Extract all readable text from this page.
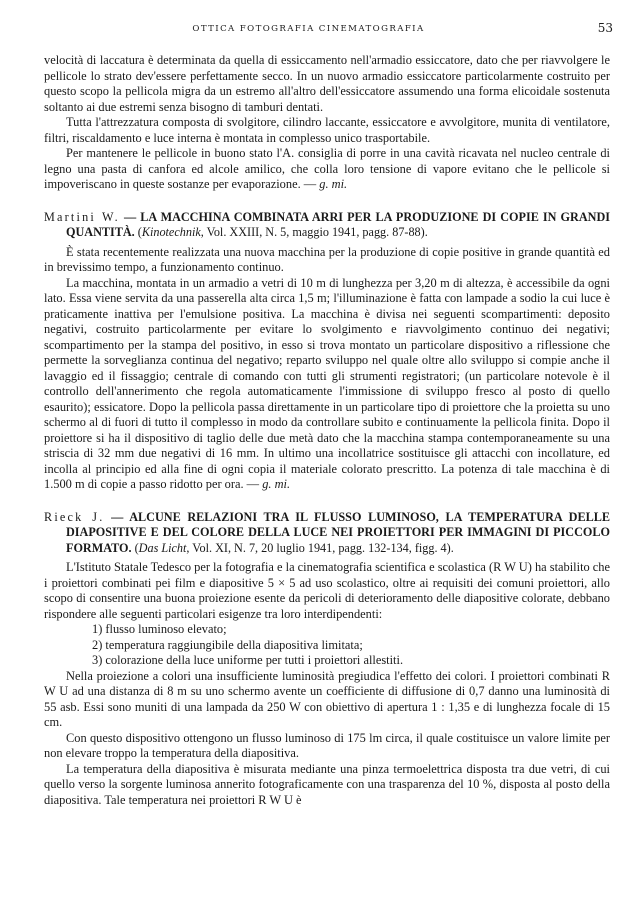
OTTICA FOTOGRAFIA CINEMATOGRAFIA	53

velocità di laccatura è determinata da quella di essiccamento nell'armadio essiccatore, dato che per riavvolgere le pellicole lo strato dev'essere perfettamente secco. In un nuovo armadio essiccatore particolarmente costruito per questo scopo la pellicola migra da un estremo all'altro dell'essiccatore assumendo una forma elicoidale sostenuta soltanto ai due estremi senza bisogno di tamburi dentati.

Tutta l'attrezzatura composta di svolgitore, cilindro laccante, essiccatore e avvolgitore, munita di ventilatore, filtri, riscaldamento e luce interna è montata in complesso unico trasportabile.

Per mantenere le pellicole in buono stato l'A. consiglia di porre in una cavità ricavata nel nucleo centrale di legno una pasta di canfora ed alcole amilico, che colla loro tensione di vapore evitano che le pellicole si impoveriscano in queste sostanze per evaporazione. — g. mi.

Martini W. — LA MACCHINA COMBINATA ARRI PER LA PRODUZIONE DI COPIE IN GRANDI QUANTITÀ. (Kinotechnik, Vol. XXIII, N. 5, maggio 1941, pagg. 87-88).

È stata recentemente realizzata una nuova macchina per la produzione di copie positive in grande quantità ed in brevissimo tempo, a funzionamento continuo.

La macchina, montata in un armadio a vetri di 10 m di lunghezza per 3,20 m di altezza, è accessibile da ogni lato. Essa viene servita da una passerella alta circa 1,5 m; l'illuminazione è fatta con lampade a sodio la cui luce è praticamente inattiva per l'emulsione positiva. La macchina è divisa nei seguenti scompartimenti: deposito negativi, costruito particolarmente per evitare lo svolgimento e riavvolgimento continuo dei negativi; scompartimento per la stampa del positivo, in esso si trova montato un particolare dispositivo a riflessione che permette la sorveglianza continua del negativo; reparto sviluppo nel quale oltre allo sviluppo si compie anche il lavaggio ed il fissaggio; centrale di comando con tutti gli strumenti registratori; (un particolare notevole è il controllo dell'annerimento che regola automaticamente l'immissione di sviluppo fresco al posto di quello esaurito); essicatore. Dopo la pellicola passa direttamente in un particolare tipo di proiettore che la proietta su uno schermo al di fuori di tutto il complesso in modo da controllare subito e continuamente la pellicola finita. Dopo il proiettore si ha il dispositivo di taglio delle due metà dato che la macchina stampa contemporaneamente su una striscia di 32 mm due negativi di 16 mm. In ultimo una incollatrice sostituisce gli attacchi con incollature, ed incolla al principio ed alla fine di ogni copia il materiale colorato prescritto. La potenza di tale macchina è di 1.500 m di copie a passo ridotto per ora. — g. mi.

Rieck J. — ALCUNE RELAZIONI TRA IL FLUSSO LUMINOSO, LA TEMPERATURA DELLE DIAPOSITIVE E DEL COLORE DELLA LUCE NEI PROIETTORI PER IMMAGINI DI PICCOLO FORMATO. (Das Licht, Vol. XI, N. 7, 20 luglio 1941, pagg. 132-134, figg. 4).

L'Istituto Statale Tedesco per la fotografia e la cinematografia scientifica e scolastica (R W U) ha stabilito che i proiettori combinati pei film e diapositive 5 × 5 ad uso scolastico, oltre ai requisiti dei comuni proiettori, allo scopo di consentire una buona proiezione esente da pericoli di deterioramento delle diapositive colorate, debbano rispondere alle seguenti particolari esigenze tra loro interdipendenti:

1) flusso luminoso elevato;
2) temperatura raggiungibile della diapositiva limitata;
3) colorazione della luce uniforme per tutti i proiettori allestiti.

Nella proiezione a colori una insufficiente luminosità pregiudica l'effetto dei colori. I proiettori combinati R W U ad una distanza di 8 m su uno schermo avente un coefficiente di diffusione di 0,7 danno una luminosità di 55 asb. Essi sono muniti di una lampada da 250 W con obiettivo di apertura 1 : 1,35 e di lunghezza focale di 15 cm.

Con questo dispositivo ottengono un flusso luminoso di 175 lm circa, il quale costituisce un valore limite per non elevare troppo la temperatura della diapositiva.

La temperatura della diapositiva è misurata mediante una pinza termoelettrica disposta tra due vetri, di cui quello verso la sorgente luminosa annerito fotograficamente con una trasparenza del 10 %, disposta al posto della diapositiva. Tale temperatura nei proiettori R W U è
